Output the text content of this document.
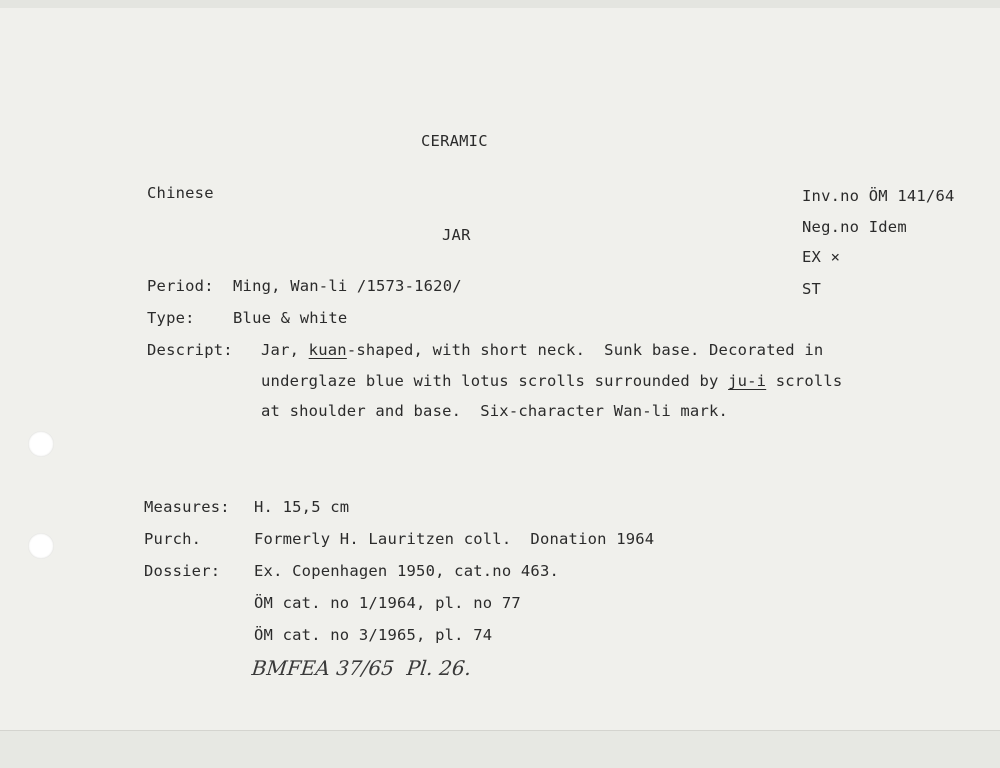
CERAMIC
Chinese
JAR
Inv.no ÖM 141/64
Neg.no Idem
EX ×
ST
Period: Ming, Wan-li /1573-1620/
Type: Blue & white
Descript: Jar, kuan-shaped, with short neck.  Sunk base. Decorated in
underglaze blue with lotus scrolls surrounded by ju-i scrolls
at shoulder and base.  Six-character Wan-li mark.
Measures: H. 15,5 cm
Purch.	Formerly H. Lauritzen coll.  Donation 1964
Dossier: Ex. Copenhagen 1950, cat.no 463.
ÖM cat. no 1/1964, pl. no 77
ÖM cat. no 3/1965, pl. 74
BMFEA 37/65  Pl. 26.
